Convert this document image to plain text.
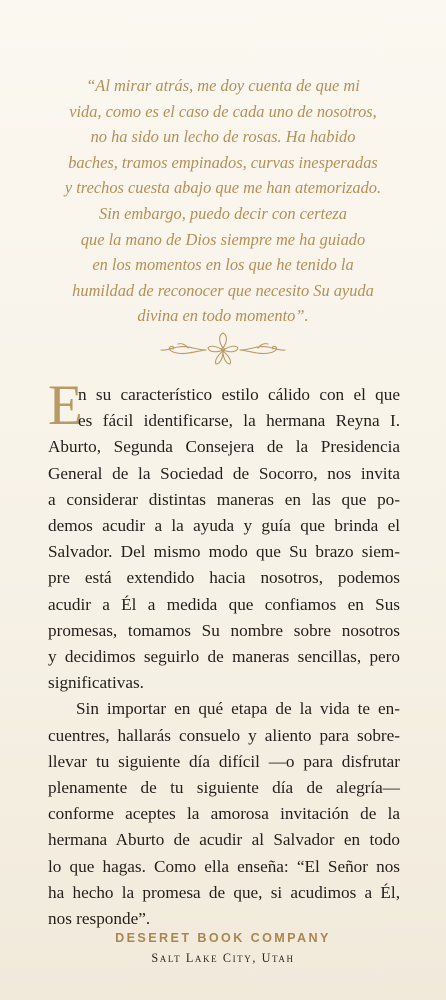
“Al mirar atrás, me doy cuenta de que mi
vida, como es el caso de cada uno de nosotros,
no ha sido un lecho de rosas. Ha habido
baches, tramos empinados, curvas inesperadas
y trechos cuesta abajo que me han atemorizado.
Sin embargo, puedo decir con certeza
que la mano de Dios siempre me ha guiado
en los momentos en los que he tenido la
humildad de reconocer que necesito Su ayuda
divina en todo momento”.
E
n su característico estilo cálido con el que
es fácil identificarse, la hermana Reyna I.
Aburto, Segunda Consejera de la Presidencia
General de la Sociedad de Socorro, nos invita
a considerar distintas maneras en las que po-
demos acudir a la ayuda y guía que brinda el
Salvador. Del mismo modo que Su brazo siem-
pre está extendido hacia nosotros, podemos
acudir a Él a medida que confiamos en Sus
promesas, tomamos Su nombre sobre nosotros
y decidimos seguirlo de maneras sencillas, pero
significativas.
Sin importar en qué etapa de la vida te en-
cuentres, hallarás consuelo y aliento para sobre-
llevar tu siguiente día difícil —o para disfrutar
plenamente de tu siguiente día de alegría—
conforme aceptes la amorosa invitación de la
hermana Aburto de acudir al Salvador en todo
lo que hagas. Como ella enseña: “El Señor nos
ha hecho la promesa de que, si acudimos a Él,
nos responde”.
DESERET BOOK COMPANY
Salt Lake City, Utah
